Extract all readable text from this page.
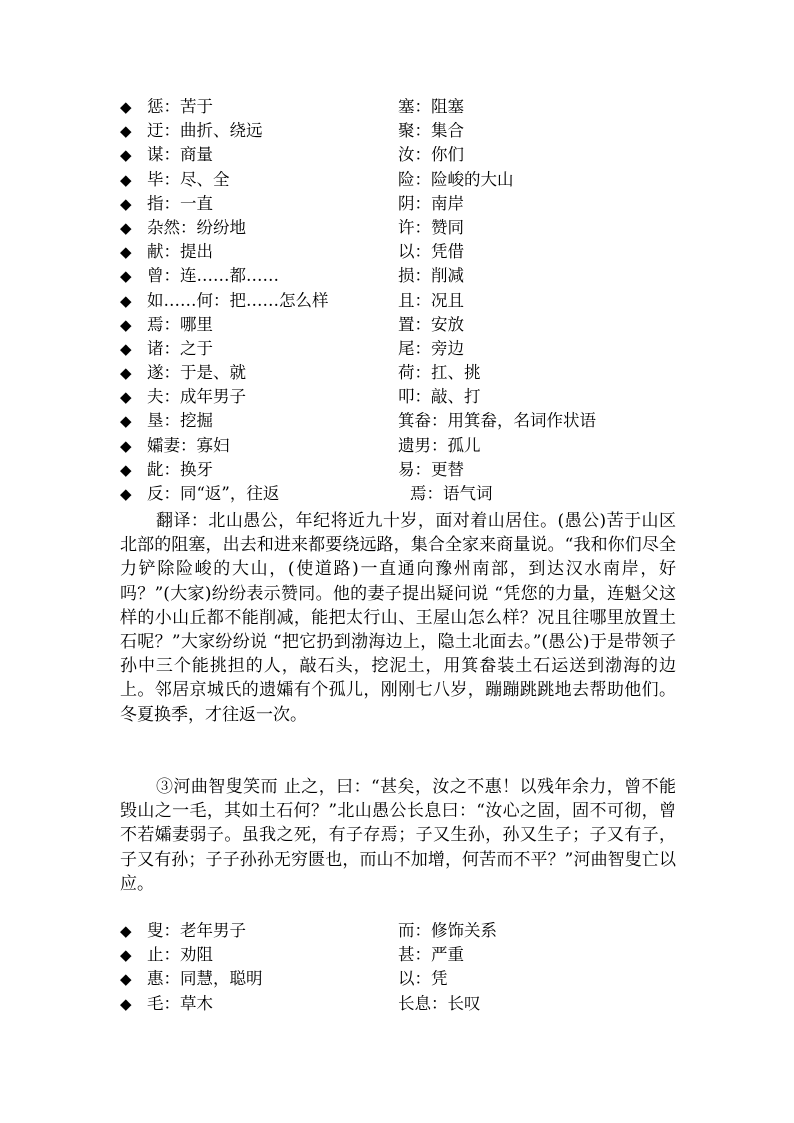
◆ 惩：苦于	塞：阻塞
◆ 迂：曲折、绕远	聚：集合
◆ 谋：商量	汝：你们
◆ 毕：尽、全	险：险峻的大山
◆ 指：一直	阴：南岸
◆ 杂然：纷纷地	许：赞同
◆ 献：提出	以：凭借
◆ 曾：连……都……	损：削减
◆ 如……何：把……怎么样	且：况且
◆ 焉：哪里	置：安放
◆ 诸：之于	尾：旁边
◆ 遂：于是、就	荷：扛、挑
◆ 夫：成年男子	叩：敲、打
◆ 垦：挖掘	箕畚：用箕畚，名词作状语
◆ 孀妻：寡妇	遗男：孤儿
◆ 龀：换牙	易：更替
◆ 反：同“返”，往返	焉：语气词

翻译：北山愚公，年纪将近九十岁，面对着山居住。(愚公)苦于山区北部的阻塞，出去和进来都要绕远路，集合全家来商量说。“我和你们尽全力铲除险峻的大山，(使道路)一直通向豫州南部，到达汉水南岸，好吗？”(大家)纷纷表示赞同。他的妻子提出疑问说 “凭您的力量，连魁父这样的小山丘都不能削减，能把太行山、王屋山怎么样？况且往哪里放置土石呢？”大家纷纷说 “把它扔到渤海边上，隐土北面去。”(愚公)于是带领子孙中三个能挑担的人，敲石头，挖泥土，用箕畚装土石运送到渤海的边上。邻居京城氏的遗孀有个孤儿，刚刚七八岁，蹦蹦跳跳地去帮助他们。冬夏换季，才往返一次。

③河曲智叟笑而 止之，曰：“甚矣，汝之不惠！以残年余力，曾不能毁山之一毛，其如土石何？”北山愚公长息曰：“汝心之固，固不可彻，曾不若孀妻弱子。虽我之死，有子存焉；子又生孙，孙又生子；子又有子，子又有孙；子子孙孙无穷匮也，而山不加增，何苦而不平？”河曲智叟亡以应。

◆ 叟：老年男子	而：修饰关系
◆ 止：劝阻	甚：严重
◆ 惠：同慧，聪明	以：凭
◆ 毛：草木	长息：长叹
